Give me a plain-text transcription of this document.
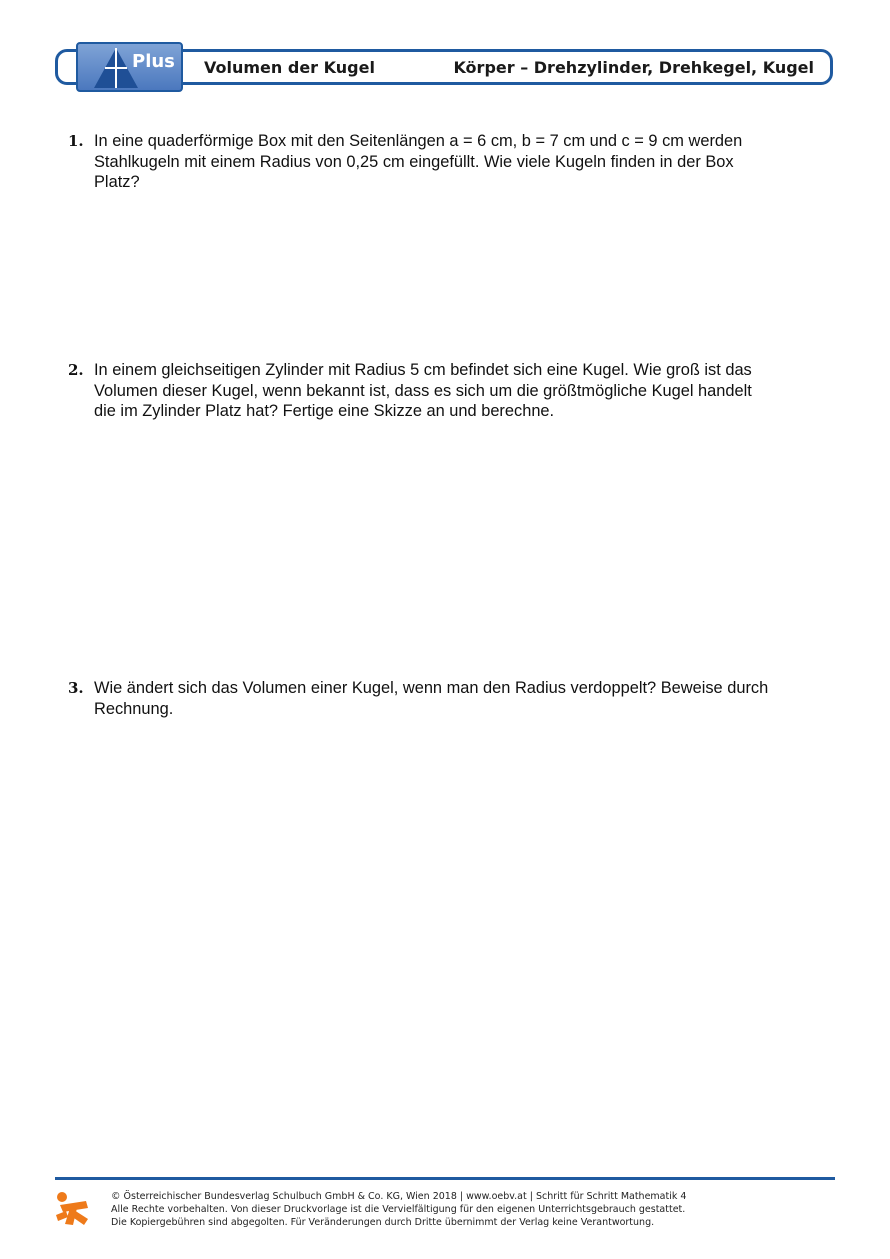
Plus Volumen der Kugel	Körper – Drehzylinder, Drehkegel, Kugel
1. In eine quaderförmige Box mit den Seitenlängen a = 6 cm, b = 7 cm und c = 9 cm werden
Stahlkugeln mit einem Radius von 0,25 cm eingefüllt. Wie viele Kugeln finden in der Box
Platz?
2. In einem gleichseitigen Zylinder mit Radius 5 cm befindet sich eine Kugel. Wie groß ist das
Volumen dieser Kugel, wenn bekannt ist, dass es sich um die größtmögliche Kugel handelt
die im Zylinder Platz hat? Fertige eine Skizze an und berechne.
3. Wie ändert sich das Volumen einer Kugel, wenn man den Radius verdoppelt? Beweise durch
Rechnung.
© Österreichischer Bundesverlag Schulbuch GmbH & Co. KG, Wien 2018 | www.oebv.at | Schritt für Schritt Mathematik 4
Alle Rechte vorbehalten. Von dieser Druckvorlage ist die Vervielfältigung für den eigenen Unterrichtsgebrauch gestattet.
Die Kopiergebühren sind abgegolten. Für Veränderungen durch Dritte übernimmt der Verlag keine Verantwortung.
